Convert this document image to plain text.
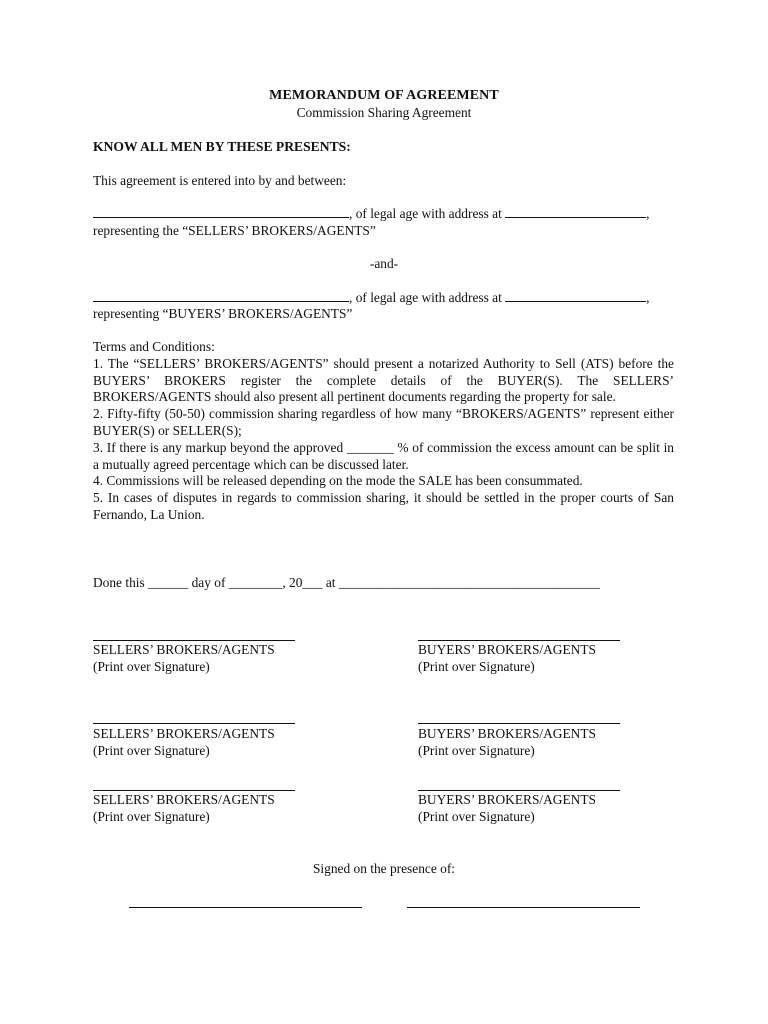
MEMORANDUM OF AGREEMENT
Commission Sharing Agreement
KNOW ALL MEN BY THESE PRESENTS:
This agreement is entered into by and between:
, of legal age with address at	,
representing the “SELLERS’ BROKERS/AGENTS”
-and-
, of legal age with address at	,
representing “BUYERS’ BROKERS/AGENTS”

Terms and Conditions:

1. The “SELLERS’ BROKERS/AGENTS” should present a notarized Authority to Sell (ATS) before the BUYERS’ BROKERS register the complete details of the BUYER(S). The SELLERS’ BROKERS/AGENTS should also present all pertinent documents regarding the property for sale.

2. Fifty-fifty (50-50) commission sharing regardless of how many “BROKERS/AGENTS” represent either BUYER(S) or SELLER(S);

3. If there is any markup beyond the approved _______ % of commission the excess amount can be split in a mutually agreed percentage which can be discussed later.

4. Commissions will be released depending on the mode the SALE has been consummated.

5. In cases of disputes in regards to commission sharing, it should be settled in the proper courts of San Fernando, La Union.

Done this ______ day of ________, 20___ at _______________________________________
SELLERS’ BROKERS/AGENTS
(Print over Signature)
BUYERS’ BROKERS/AGENTS
(Print over Signature)
SELLERS’ BROKERS/AGENTS
(Print over Signature)
BUYERS’ BROKERS/AGENTS
(Print over Signature)
SELLERS’ BROKERS/AGENTS
(Print over Signature)
BUYERS’ BROKERS/AGENTS
(Print over Signature)
Signed on the presence of:
